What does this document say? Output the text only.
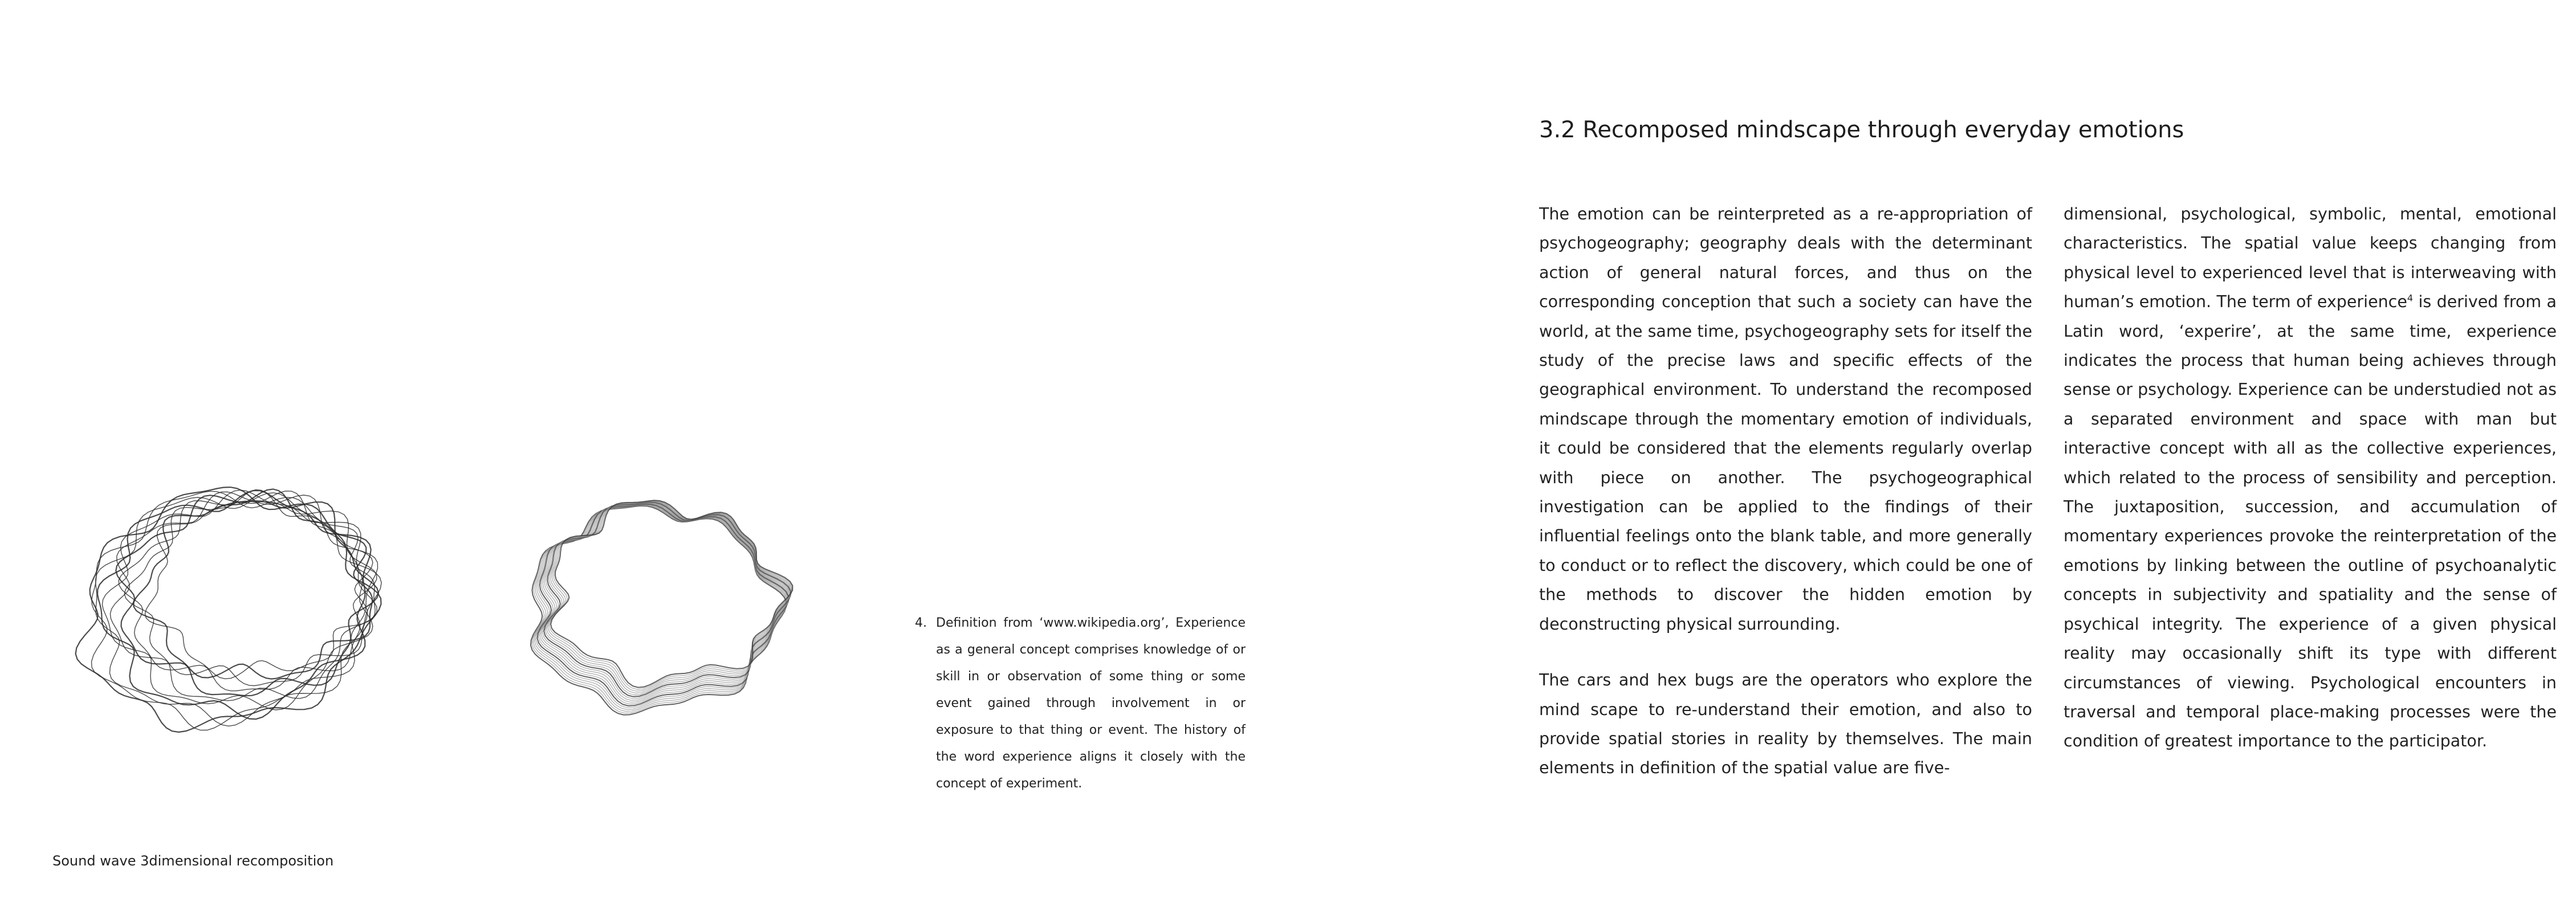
3.2 Recomposed mindscape through everyday emotions

The emotion can be reinterpreted as a re-appropriation of psychogeography; geography deals with the determinant action of general natural forces, and thus on the corresponding conception that such a society can have the world, at the same time, psychogeography sets for itself the study of the precise laws and specific effects of the geographical environment. To understand the recomposed mindscape through the momentary emotion of individuals, it could be considered that the elements regularly overlap with piece on another. The psychogeographical investigation can be applied to the findings of their influential feelings onto the blank table, and more generally to conduct or to reflect the discovery, which could be one of the methods to discover the hidden emotion by deconstructing physical surrounding.

The cars and hex bugs are the operators who explore the mind scape to re-understand their emotion, and also to provide spatial stories in reality by themselves. The main elements in definition of the spatial value are five-

dimensional, psychological, symbolic, mental, emotional characteristics. The spatial value keeps changing from physical level to experienced level that is interweaving with human’s emotion. The term of experience$^4$ is derived from a Latin word, ‘experire’, at the same time, experience indicates the process that human being achieves through sense or psychology. Experience can be understudied not as a separated environment and space with man but interactive concept with all as the collective experiences, which related to the process of sensibility and perception. The juxtaposition, succession, and accumulation of momentary experiences provoke the reinterpretation of the emotions by linking between the outline of psychoanalytic concepts in subjectivity and spatiality and the sense of psychical integrity. The experience of a given physical reality may occasionally shift its type with different circumstances of viewing. Psychological encounters in traversal and temporal place-making processes were the condition of greatest importance to the participator.

4. Definition from ‘www.wikipedia.org’, Experience as a general concept comprises knowledge of or skill in or observation of some thing or some event gained through involvement in or exposure to that thing or event. The history of the word experience aligns it closely with the concept of experiment.
Sound wave 3dimensional recomposition
